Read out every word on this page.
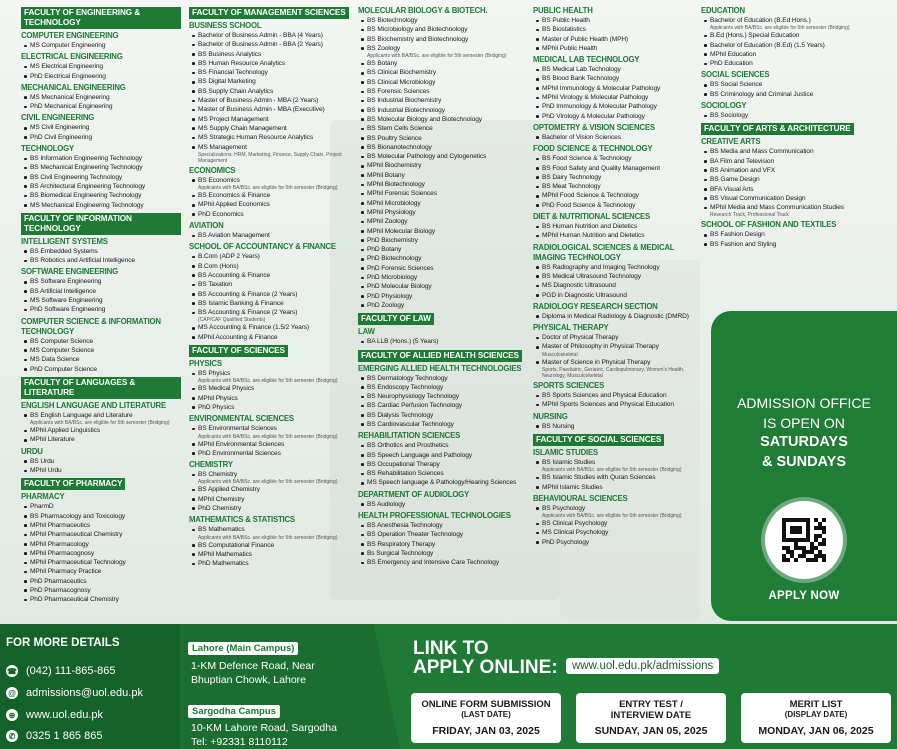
FACULTY OF ENGINEERING & TECHNOLOGY

COMPUTER ENGINEERING
MS Computer Engineering
ELECTRICAL ENGINEERING
MS Electrical Engineering
PhD Electrical Engineering
MECHANICAL ENGINEERING
MS Mechanical Engineering
PhD Mechanical Engineering
CIVIL ENGINEERING
MS Civil Engineering
PhD Civil Engineering
TECHNOLOGY
BS Information Engineering Technology
BS Mechanical Engineering Technology
BS Civil Engineering Technology
BS Architectural Engineering Technology
BS Biomedical Engineering Technology
MS Mechanical Engineering Technology
FACULTY OF INFORMATION TECHNOLOGY

INTELLIGENT SYSTEMS
BS Embedded Systems
BS Robotics and Artificial Intelligence
SOFTWARE ENGINEERING
BS Software Engineering
BS Artificial Intelligence
MS Software Engineering
PhD Software Engineering
COMPUTER SCIENCE & INFORMATION TECHNOLOGY
BS Computer Science
MS Computer Science
MS Data Science
PhD Computer Science
FACULTY OF LANGUAGES & LITERATURE

ENGLISH LANGUAGE AND LITERATURE
BS English Language and Literature
Applicants with BA/BSc. are eligible for 5th semester (Bridging)
MPhil Applied Linguistics
MPhil Literature
URDU
BS Urdu
MPhil Urdu
FACULTY OF PHARMACY

PHARMACY
PharmD
BS Pharmacology and Toxicology
MPhil Pharmaceutics
MPhil Pharmaceutical Chemistry
MPhil Pharmacology
MPhil Pharmacognosy
MPhil Pharmaceutical Technology
MPhil Pharmacy Practice
PhD Pharmaceutics
PhD Pharmacognosy
PhD Pharmaceutical Chemistry
FACULTY OF MANAGEMENT SCIENCES

BUSINESS SCHOOL
Bachelor of Business Admin - BBA (4 Years)
Bachelor of Business Admin - BBA (2 Years)
BS Business Analytics
BS Human Resource Analytics
BS Financial Technology
BS Digital Marketing
BS Supply Chain Analytics
Master of Business Admin - MBA (2 Years)
Master of Business Admin - MBA (Executive)
MS Project Management
MS Supply Chain Management
MS Strategic Human Resource Analytics
MS Management
Specializations: HRM, Marketing, Finance, Supply Chain, Project Management
ECONOMICS
BS Economics
Applicants with BA/BSc. are eligible for 5th semester (Bridging)
BS Economics & Finance
MPhil Applied Economics
PhD Economics
AVIATION
BS Aviation Management
SCHOOL OF ACCOUNTANCY & FINANCE
B.Com (ADP 2 Years)
B.Com (Hons)
BS Accounting & Finance
BS Taxation
BS Accounting & Finance (2 Years)
BS Islamic Banking & Finance
BS Accounting & Finance (2 Years)
(CAP/CAF Qualified Students)
MS Accounting & Finance (1.5/2 Years)
MPhil Accounting & Finance
FACULTY OF SCIENCES

PHYSICS
BS Physics
Applicants with BA/BSc. are eligible for 5th semester (Bridging)
BS Medical Physics
MPhil Physics
PhD Physics
ENVIRONMENTAL SCIENCES
BS Environmental Sciences
Applicants with BA/BSc. are eligible for 5th semester (Bridging)
MPhil Environmental Sciences
PhD Environmental Sciences
CHEMISTRY
BS Chemistry
Applicants with BA/BSc. are eligible for 5th semester (Bridging)
BS Applied Chemistry
MPhil Chemistry
PhD Chemistry
MATHEMATICS & STATISTICS
BS Mathematics
Applicants with BA/BSc. are eligible for 5th semester (Bridging)
BS Computational Finance
MPhil Mathematics
PhD Mathematics
MOLECULAR BIOLOGY & BIOTECH.
BS Biotechnology
BS Microbiology and Biotechnology
BS Biochemistry and Biotechnology
BS Zoology
Applicants with BA/BSc. are eligible for 5th semester (Bridging)
BS Botany
BS Clinical Biochemistry
BS Clinical Microbiology
BS Forensic Sciences
BS Industrial Biochemistry
BS Industrial Biotechnology
BS Molecular Biology and Biotechnology
BS Stem Cells Science
BS Poultry Science
BS Bionanotechnology
BS Molecular Pathology and Cytogenetics
MPhil Biochemistry
MPhil Botany
MPhil Biotechnology
MPhil Forensic Sciences
MPhil Microbiology
MPhil Physiology
MPhil Zoology
MPhil Molecular Biology
PhD Biochemistry
PhD Botany
PhD Biotechnology
PhD Forensic Sciences
PhD Microbiology
PhD Molecular Biology
PhD Physiology
PhD Zoology
FACULTY OF LAW

LAW
BA LLB (Hons.) (5 Years)
FACULTY OF ALLIED HEALTH SCIENCES

EMERGING ALLIED HEALTH TECHNOLOGIES
BS Dermatology Technology
BS Endoscopy Technology
BS Neurophysiology Technology
BS Cardiac Perfusion Technology
BS Dialysis Technology
BS Cardiovascular Technology
REHABILITATION SCIENCES
BS Orthotics and Prosthetics
BS Speech Language and Pathology
BS Occupational Therapy
BS Rehabilitation Sciences
MS Speech language & Pathology/Hearing Sciences
DEPARTMENT OF AUDIOLOGY
BS Audiology
HEALTH PROFESSIONAL TECHNOLOGIES
BS Anesthesia Technology
BS Operation Theater Technology
BS Respiratory Therapy
Bs Surgical Technology
BS Emergency and Intensive Care Technology
PUBLIC HEALTH
BS Public Health
BS Biostatistics
Master of Public Health (MPH)
MPhil Public Health
MEDICAL LAB TECHNOLOGY
BS Medical Lab Technology
BS Blood Bank Technology
MPhil Immunology & Molecular Pathology
MPhil Virology & Molecular Pathology
PhD Immunology & Molecular Pathology
PhD Virology & Molecular Pathology
OPTOMETRY & VISION SCIENCES
Bachelor of Vision Sciences
FOOD SCIENCE & TECHNOLOGY
BS Food Science & Technology
BS Food Safety and Quality Management
BS Dairy Technology
BS Meat Technology
MPhil Food Science & Technology
PhD Food Science & Technology
DIET & NUTRITIONAL SCIENCES
BS Human Nutrition and Dietetics
MPhil Human Nutrition and Dietetics
RADIOLOGICAL SCIENCES & MEDICAL IMAGING TECHNOLOGY
BS Radiography and Imaging Technology
BS Medical Ultrasound Technology
MS Diagnostic Ultrasound
PGD in Diagnostic Ultrasound
RADIOLOGY RESEARCH SECTION
Diploma in Medical Radiology & Diagnostic (DMRD)
PHYSICAL THERAPY
Doctor of Physical Therapy
Master of Philosophy in Physical Therapy
Musculoskeletal
Master of Science in Physical Therapy
Sports, Paediatric, Geriatric, Cardiopulmonary, Women's Health, Neurology, Musculoskeletal
SPORTS SCIENCES
BS Sports Sciences and Physical Education
MPhil Sports Sciences and Physical Education
NURSING
BS Nursing
FACULTY OF SOCIAL SCIENCES

ISLAMIC STUDIES
BS Islamic Studies
Applicants with BA/BSc. are eligible for 5th semester (Bridging)
BS Islamic Studies with Quran Sciences
MPhil Islamic Studies
BEHAVIOURAL SCIENCES
BS Psychology
Applicants with BA/BSc. are eligible for 5th semester (Bridging)
BS Clinical Psychology
MS Clinical Psychology
PhD Psychology
EDUCATION
Bachelor of Education (B.Ed Hons.)
Applicants with BA/BSc. are eligible for 5th semester (Bridging)
B.Ed (Hons.) Special Education
Bachelor of Education (B.Ed) (1.5 Years)
MPhil Education
PhD Education
SOCIAL SCIENCES
BS Social Science
BS Criminology and Criminal Justice
SOCIOLOGY
BS Sociology
FACULTY OF ARTS & ARCHITECTURE

CREATIVE ARTS
BS Media and Mass Communication
BA Film and Television
BS Animation and VFX
BS Game Design
BFA Visual Arts
BS Visual Communication Design
MPhil Media and Mass Communication Studies
Research Track, Professional Track
SCHOOL OF FASHION AND TEXTILES
BS Fashion Design
BS Fashion and Styling
ADMISSION OFFICE
IS OPEN ON
SATURDAYS
& SUNDAYS
APPLY NOW
FOR MORE DETAILS
☎ (042) 111-865-865
@ admissions@uol.edu.pk
⊕ www.uol.edu.pk
✆ 0325 1 865 865
Lahore (Main Campus)
1-KM Defence Road, Near
Bhuptian Chowk, Lahore
Sargodha Campus
10-KM Lahore Road, Sargodha
Tel: +92331 8110112
LINK TO
APPLY ONLINE:	www.uol.edu.pk/admissions
ONLINE FORM SUBMISSION
(LAST DATE)
FRIDAY, JAN 03, 2025
ENTRY TEST /
INTERVIEW DATE
SUNDAY, JAN 05, 2025
MERIT LIST
(DISPLAY DATE)
MONDAY, JAN 06, 2025
